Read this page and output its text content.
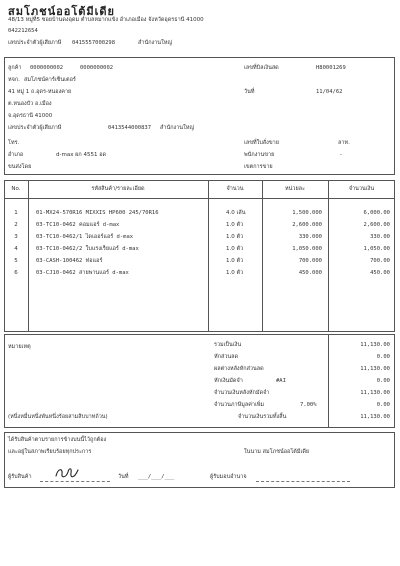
สมโภชน์ออโต้มีเดีย
48/13 หมู่ที่5 ซอยบ้านดงอุดม ตำบลหมากแข้ง อำเภอเมือง จังหวัดอุดรธานี 41000
042212654
เลขประจำตัวผู้เสียภาษี 0415557000298	สำนักงานใหญ่
ลูกค้า 0000000002	0000000002
หจก. สมโภชน์คาร์เซ็นเตอร์
41 หมู่ 1 ถ.อุดร-หนองคาย
ต.หนองบัว อ.เมือง
จ.อุดรธานี 41000
เลขประจำตัวผู้เสียภาษี	0413544000837 สำนักงานใหญ่
โทร.
อำเภอ	d-max ผก 4551 อด
ขนส่งโดย
เลขที่บิลเงินสด	H80001269
วันที่	11/04/62
เลขที่ใบสั่งขาย	ลาท.
พนักงานขาย	-
เขตการขาย
No.	รหัสสินค้า/รายละเอียด	จำนวน	หน่วยละ	จำนวนเงิน
1	01-MX24-570R16 MIXXIS HP600 245/70R16	4.0 เส้น	1,500.000	6,000.00
2	03-TC10-0462 คอมแอร์ d-max	1.0 ตัว	2,600.000	2,600.00
3	03-TC10-0462/1 ไดเออร์แอร์ d-max	1.0 ตัว	330.000	330.00
4	03-TC10-0462/2 ใบแรงเร็ยแอร์ d-max	1.0 ตัว	1,050.000	1,050.00
5	03-CASH-100462 ท่อแอร์	1.0 ตัว	700.000	700.00
6	03-CJ10-0462 สายพานแอร์ d-max	1.0 ตัว	450.000	450.00
หมายเหตุ	รวมเป็นเงิน	11,130.00
หักส่วนลด	0.00
ผลต่างหลังหักส่วนลด	11,130.00
หักเงินมัดจำ	#AI	0.00
จำนวนเงินหลังหักมัดจำ	11,130.00
จำนวนภาษีมูลค่าเพิ่ม	7.00%	0.00
(หนึ่งหมื่นหนึ่งพันหนึ่งร้อยสามสิบบาทถ้วน)	จำนวนเงินรวมทั้งสิ้น	11,130.00
ได้รับสินค้าตามรายการข้างบนนี้ไว้ถูกต้อง
และอยู่ในสภาพเรียบร้อยทุกประการ	ในนาม สมโภชน์ออโต้มีเดีย
ผู้รับสินค้า	วันที่ ___/___/___	ผู้รับมอบอำนาจ
